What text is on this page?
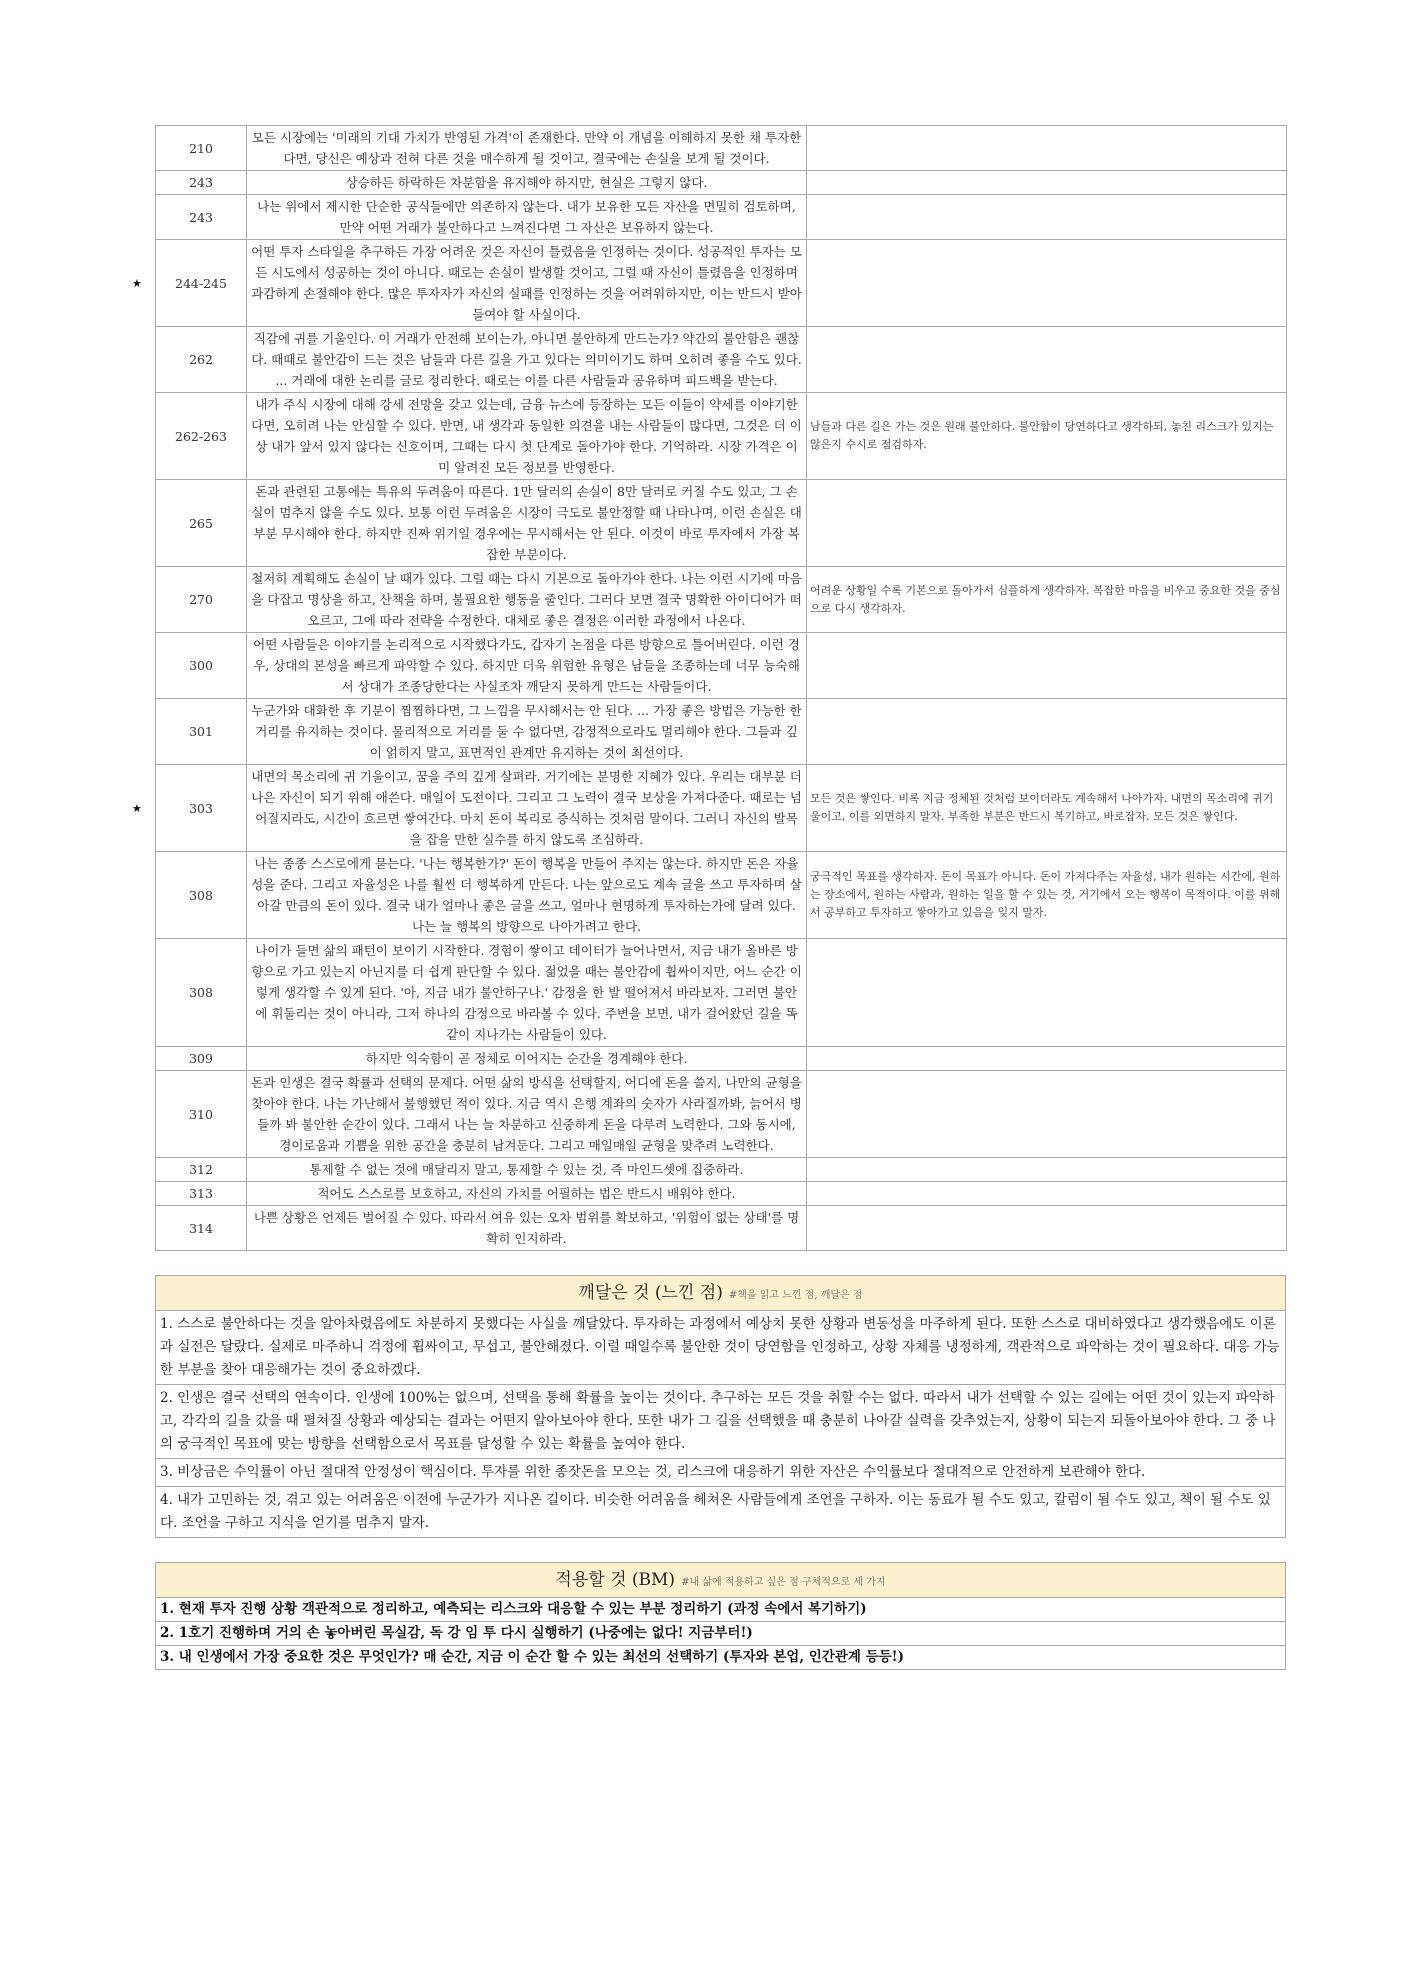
210	모든 시장에는 '미래의 기대 가치가 반영된 가격'이 존재한다. 만약 이 개념을 이해하지 못한 채 투자한다면, 당신은 예상과 전혀 다른 것을 매수하게 될 것이고, 결국에는 손실을 보게 될 것이다.	
243	상승하든 하락하든 차분함을 유지해야 하지만, 현실은 그렇지 않다.	
243	나는 위에서 제시한 단순한 공식들에만 의존하지 않는다. 내가 보유한 모든 자산을 면밀히 검토하며, 만약 어떤 거래가 불안하다고 느껴진다면 그 자산은 보유하지 않는다.	

★ 244-245	어떤 투자 스타일을 추구하든 가장 어려운 것은 자신이 틀렸음을 인정하는 것이다. 성공적인 투자는 모든 시도에서 성공하는 것이 아니다. 때로는 손실이 발생할 것이고, 그럴 때 자신이 틀렸음을 인정하며 과감하게 손절해야 한다. 많은 투자자가 자신의 실패를 인정하는 것을 어려워하지만, 이는 반드시 받아들여야 할 사실이다.	
262	직감에 귀를 기울인다. 이 거래가 안전해 보이는가, 아니면 불안하게 만드는가? 약간의 불안함은 괜찮다. 때때로 불안감이 드는 것은 남들과 다른 길을 가고 있다는 의미이기도 하며 오히려 좋을 수도 있다. ... 거래에 대한 논리를 글로 정리한다. 때로는 이를 다른 사람들과 공유하며 피드백을 받는다.	
262-263	내가 주식 시장에 대해 강세 전망을 갖고 있는데, 금융 뉴스에 등장하는 모든 이들이 약세를 이야기한다면, 오히려 나는 안심할 수 있다. 반면, 내 생각과 동일한 의견을 내는 사람들이 많다면, 그것은 더 이상 내가 앞서 있지 않다는 신호이며, 그때는 다시 첫 단계로 돌아가야 한다. 기억하라. 시장 가격은 이미 알려진 모든 정보를 반영한다.	남들과 다른 길은 가는 것은 원래 불안하다. 불안함이 당연하다고 생각하되, 놓친 리스크가 있지는 않은지 수시로 점검하자.
265	돈과 관련된 고통에는 특유의 두려움이 따른다. 1만 달러의 손실이 8만 달러로 커질 수도 있고, 그 손실이 멈추지 않을 수도 있다. 보통 이런 두려움은 시장이 극도로 불안정할 때 나타나며, 이런 손실은 대부분 무시해야 한다. 하지만 진짜 위기일 경우에는 무시해서는 안 된다. 이것이 바로 투자에서 가장 복잡한 부분이다.	
270	철저히 계획해도 손실이 날 때가 있다. 그럴 때는 다시 기본으로 돌아가야 한다. 나는 이런 시기에 마음을 다잡고 명상을 하고, 산책을 하며, 불필요한 행동을 줄인다. 그러다 보면 결국 명확한 아이디어가 떠오르고, 그에 따라 전략을 수정한다. 대체로 좋은 결정은 이러한 과정에서 나온다.	어려운 상황일 수록 기본으로 돌아가서 심플하게 생각하자. 복잡한 마음을 비우고 중요한 것을 중심으로 다시 생각하자.
300	어떤 사람들은 이야기를 논리적으로 시작했다가도, 갑자기 논점을 다른 방향으로 틀어버린다. 이런 경우, 상대의 본성을 빠르게 파악할 수 있다. 하지만 더욱 위험한 유형은 남들을 조종하는데 너무 능숙해서 상대가 조종당한다는 사실조차 깨닫지 못하게 만드는 사람들이다.	
301	누군가와 대화한 후 기분이 찜찜하다면, 그 느낌을 무시해서는 안 된다. ... 가장 좋은 방법은 가능한 한 거리를 유지하는 것이다. 물리적으로 거리를 둘 수 없다면, 감정적으로라도 멀리해야 한다. 그들과 깊이 얽히지 말고, 표면적인 관계만 유지하는 것이 최선이다.	

★ 303	내면의 목소리에 귀 기울이고, 꿈을 주의 깊게 살펴라. 거기에는 분명한 지혜가 있다. 우리는 대부분 더 나은 자신이 되기 위해 애쓴다. 매일이 도전이다. 그리고 그 노력이 결국 보상을 가져다준다. 때로는 넘어질지라도, 시간이 흐르면 쌓여간다. 마치 돈이 복리로 증식하는 것처럼 말이다. 그러니 자신의 발목을 잡을 만한 실수를 하지 않도록 조심하라.	모든 것은 쌓인다. 비록 지금 정체된 것처럼 보이더라도 계속해서 나아가자. 내면의 목소리에 귀기울이고, 이를 외면하지 말자. 부족한 부분은 반드시 복기하고, 바로잡자. 모든 것은 쌓인다.
308	나는 종종 스스로에게 묻는다. '나는 행복한가?' 돈이 행복을 만들어 주지는 않는다. 하지만 돈은 자율성을 준다. 그리고 자율성은 나를 훨씬 더 행복하게 만든다. 나는 앞으로도 계속 글을 쓰고 투자하며 살아갈 만큼의 돈이 있다. 결국 내가 얼마나 좋은 글을 쓰고, 얼마나 현명하게 투자하는가에 달려 있다. 나는 늘 행복의 방향으로 나아가려고 한다.	궁극적인 목표를 생각하자. 돈이 목표가 아니다. 돈이 가져다주는 자율성, 내가 원하는 시간에, 원하는 장소에서, 원하는 사람과, 원하는 일을 할 수 있는 것, 거기에서 오는 행복이 목적이다. 이를 위해서 공부하고 투자하고 쌓아가고 있음을 잊지 말자.
308	나이가 들면 삶의 패턴이 보이기 시작한다. 경험이 쌓이고 데이터가 늘어나면서, 지금 내가 올바른 방향으로 가고 있는지 아닌지를 더 쉽게 판단할 수 있다. 젊었을 때는 불안감에 휩싸이지만, 어느 순간 이렇게 생각할 수 있게 된다. '아, 지금 내가 불안하구나.' 감정을 한 발 떨어져서 바라보자. 그러면 불안에 휘둘리는 것이 아니라, 그저 하나의 감정으로 바라볼 수 있다. 주변을 보면, 내가 걸어왔던 길을 똑같이 지나가는 사람들이 있다.	
309	하지만 익숙함이 곧 정체로 이어지는 순간을 경계해야 한다.	
310	돈과 인생은 결국 확률과 선택의 문제다. 어떤 삶의 방식을 선택할지, 어디에 돈을 쓸지, 나만의 균형을 찾아야 한다. 나는 가난해서 불행했던 적이 있다. 지금 역시 은행 계좌의 숫자가 사라질까봐, 늙어서 병들까 봐 불안한 순간이 있다. 그래서 나는 늘 차분하고 신중하게 돈을 다루려 노력한다. 그와 동시에, 경이로움과 기쁨을 위한 공간을 충분히 남겨둔다. 그리고 매일매일 균형을 맞추려 노력한다.	
312	통제할 수 없는 것에 매달리지 말고, 통제할 수 있는 것, 즉 마인드셋에 집중하라.	
313	적어도 스스로를 보호하고, 자신의 가치를 어필하는 법은 반드시 배워야 한다.	
314	나쁜 상황은 언제든 벌어질 수 있다. 따라서 여유 있는 오차 범위를 확보하고, '위험이 없는 상태'를 명확히 인지하라.	
깨달은 것 (느낀 점) #책을 읽고 느낀 점, 깨달은 점
1. 스스로 불안하다는 것을 알아차렸음에도 차분하지 못했다는 사실을 깨달았다. 투자하는 과정에서 예상치 못한 상황과 변동성을 마주하게 된다. 또한 스스로 대비하였다고 생각했음에도 이론과 실전은 달랐다. 실제로 마주하니 걱정에 휩싸이고, 무섭고, 불안해졌다. 이럴 때일수록 불안한 것이 당연함을 인정하고, 상황 자체를 냉정하게, 객관적으로 파악하는 것이 필요하다. 대응 가능한 부분을 찾아 대응해가는 것이 중요하겠다.
2. 인생은 결국 선택의 연속이다. 인생에 100%는 없으며, 선택을 통해 확률을 높이는 것이다. 추구하는 모든 것을 취할 수는 없다. 따라서 내가 선택할 수 있는 길에는 어떤 것이 있는지 파악하고, 각각의 길을 갔을 때 펼쳐질 상황과 예상되는 결과는 어떤지 알아보아야 한다. 또한 내가 그 길을 선택했을 때 충분히 나아갈 실력을 갖추었는지, 상황이 되는지 되돌아보아야 한다. 그 중 나의 궁극적인 목표에 맞는 방향을 선택함으로서 목표를 달성할 수 있는 확률을 높여야 한다.
3. 비상금은 수익률이 아닌 절대적 안정성이 핵심이다. 투자를 위한 종잣돈을 모으는 것, 리스크에 대응하기 위한 자산은 수익률보다 절대적으로 안전하게 보관해야 한다.
4. 내가 고민하는 것, 겪고 있는 어려움은 이전에 누군가가 지나온 길이다. 비슷한 어려움을 헤쳐온 사람들에게 조언을 구하자. 이는 동료가 될 수도 있고, 칼럼이 될 수도 있고, 책이 될 수도 있다. 조언을 구하고 지식을 얻기를 멈추지 말자.
적용할 것 (BM) #내 삶에 적용하고 싶은 점 구체적으로 세 가지
1. 현재 투자 진행 상황 객관적으로 정리하고, 예측되는 리스크와 대응할 수 있는 부분 정리하기 (과정 속에서 복기하기)
2. 1호기 진행하며 거의 손 놓아버린 목실감, 독 강 임 투 다시 실행하기 (나중에는 없다! 지금부터!)
3. 내 인생에서 가장 중요한 것은 무엇인가? 매 순간, 지금 이 순간 할 수 있는 최선의 선택하기 (투자와 본업, 인간관계 등등!)
